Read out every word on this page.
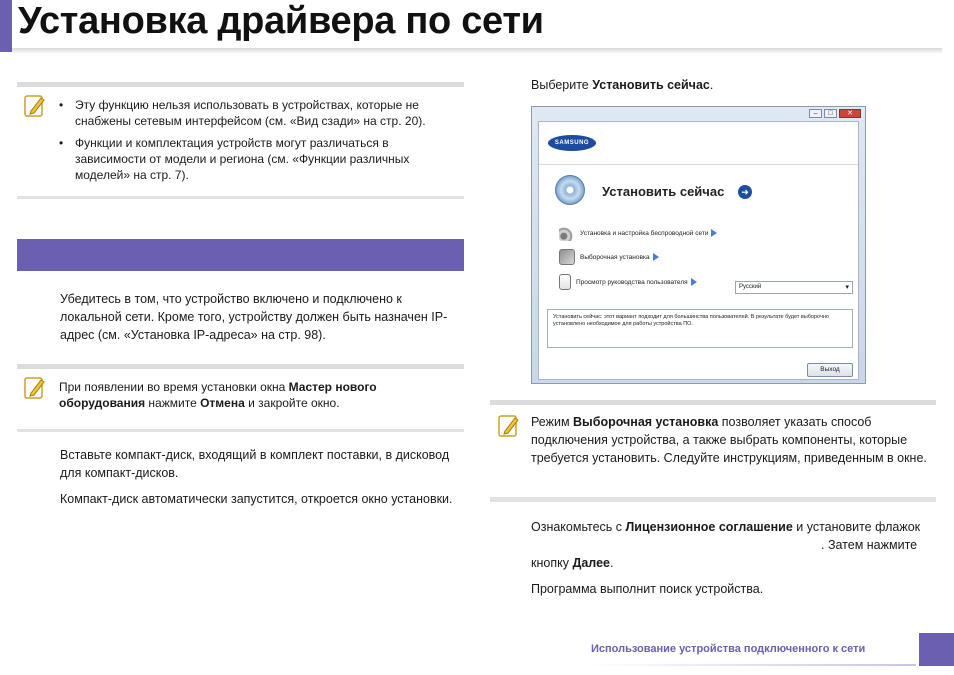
Установка драйвера по сети
• Эту функцию нельзя использовать в устройствах, которые не снабжены сетевым интерфейсом (см. «Вид сзади» на стр. 20).
• Функции и комплектация устройств могут различаться в зависимости от модели и региона (см. «Функции различных моделей» на стр. 7).
Убедитесь в том, что устройство включено и подключено к локальной сети. Кроме того, устройству должен быть назначен IP-адрес (см. «Установка IP-адреса» на стр. 98).

При появлении во время установки окна Мастер нового оборудования нажмите Отмена и закройте окно.

Вставьте компакт-диск, входящий в комплект поставки, в дисковод для компакт-дисков.
Компакт-диск автоматически запустится, откроется окно установки.
Выберите Установить сейчас.
–	□	✕
SAMSUNG
Установить сейчас	➜
Установка и настройка беспроводной сети
Выборочная установка
Просмотр руководства пользователя
Русский ▾
Установить сейчас: этот вариант подходит для большинства пользователей. В результате будет выборочно установлено необходимое для работы устройства ПО.
Выход

Режим Выборочная установка позволяет указать способ подключения устройства, а также выбрать компоненты, которые требуется установить. Следуйте инструкциям, приведенным в окне.

Ознакомьтесь с Лицензионное соглашение и установите флажок. Затем нажмите кнопку Далее.
Программа выполнит поиск устройства.
Использование устройства подключенного к сети
